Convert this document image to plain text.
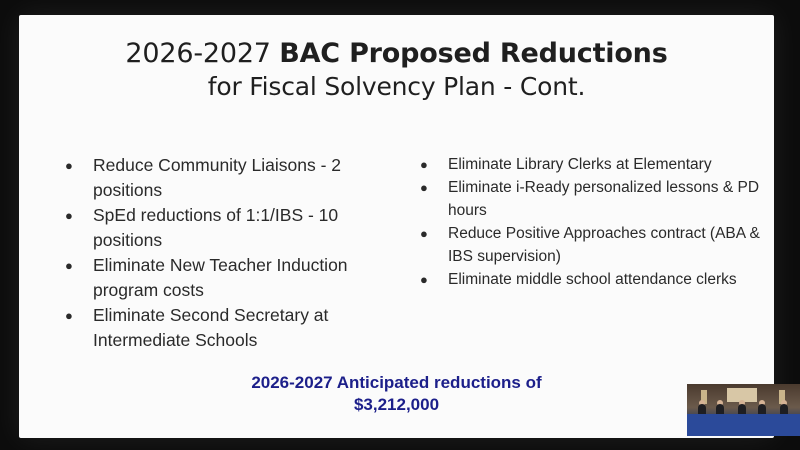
2026-2027 BAC Proposed Reductions
for Fiscal Solvency Plan - Cont.
● Reduce Community Liaisons - 2 positions
● SpEd reductions of 1:1/IBS - 10 positions
● Eliminate New Teacher Induction program costs
● Eliminate Second Secretary at Intermediate Schools
● Eliminate Library Clerks at Elementary
● Eliminate i-Ready personalized lessons & PD hours
● Reduce Positive Approaches contract (ABA & IBS supervision)
● Eliminate middle school attendance clerks
2026-2027 Anticipated reductions of
$3,212,000
